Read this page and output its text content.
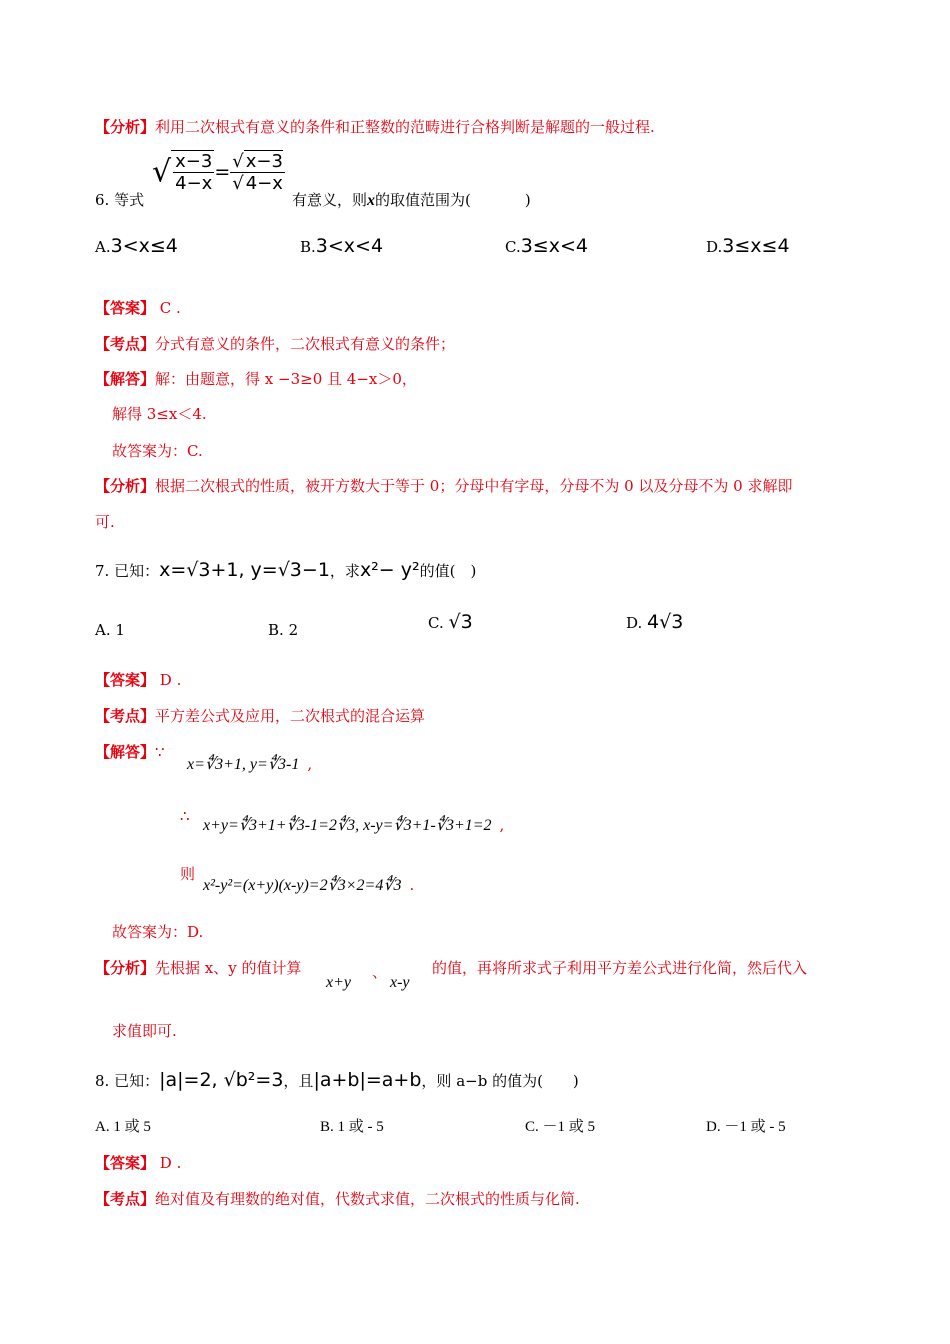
【分析】利用二次根式有意义的条件和正整数的范畴进行合格判断是解题的一般过程.
6. 等式
√ $\frac{x-3}{4-x} = \frac{√ x-3}{√ 4-x}$
有意义，则x的取值范围为(	)
A.3<x≤4	B.3<x<4	C.3≤x<4	D.3≤x≤4
【答案】 C .
【考点】分式有意义的条件，二次根式有意义的条件；
【解答】解：由题意，得 x −3≥0 且 4−x＞0，
解得 3≤x＜4.
故答案为：C.
【分析】根据二次根式的性质，被开方数大于等于 0；分母中有字母，分母不为 0 以及分母不为 0 求解即
可.
7. 已知：x=√3+1, y=√3−1，求x²− y²的值(　)
A. 1	B. 2	C. √3	D. 4√3
【答案】 D .
【考点】平方差公式及应用，二次根式的混合运算
【解答】∵
x=∜3+1, y=∜3-1 ,
∴
x+y=∜3+1+∜3-1=2∜3, x-y=∜3+1-∜3+1=2 ,
则
x²-y²=(x+y)(x-y)=2∜3×2=4∜3 .
故答案为：D.
【分析】先根据 x、y 的值计算
x+y
、
x-y
的值，再将所求式子利用平方差公式进行化简，然后代入
求值即可.
8. 已知：|a|=2, √b²=3，且|a+b|=a+b，则 a−b 的值为(　　)
A. 1 或 5	B. 1 或 - 5	C. －1 或 5	D. －1 或 - 5
【答案】 D .
【考点】绝对值及有理数的绝对值，代数式求值，二次根式的性质与化简.
